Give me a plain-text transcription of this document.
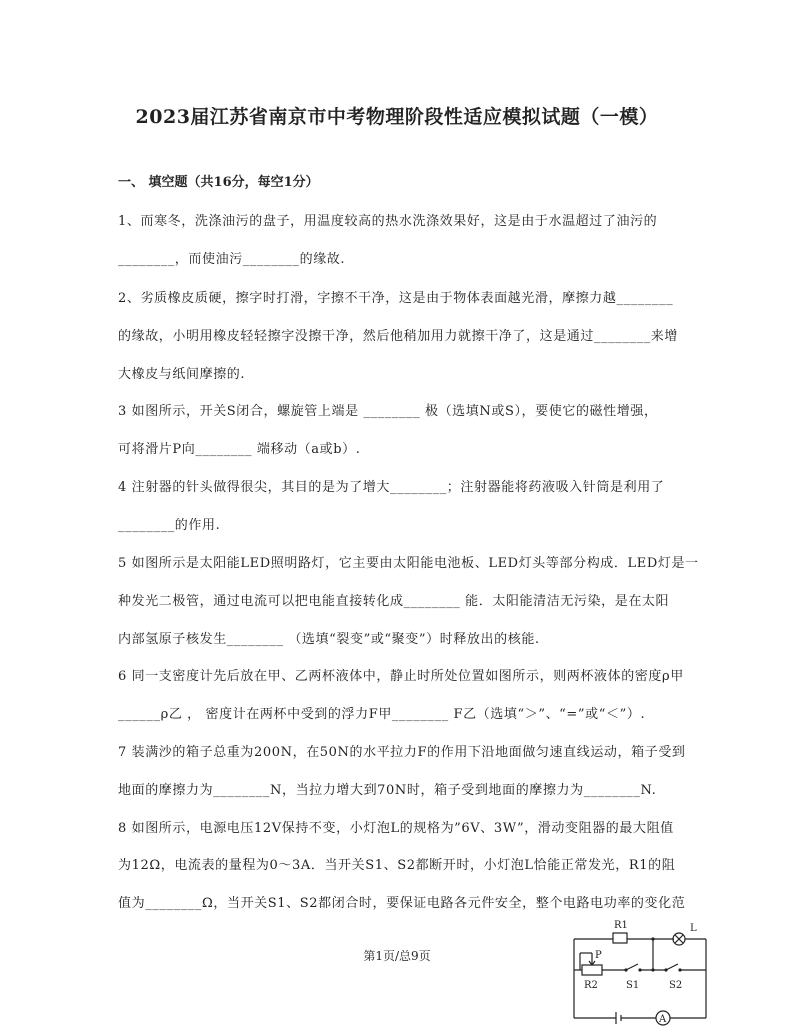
2023届江苏省南京市中考物理阶段性适应模拟试题（一模）
一、 填空题（共16分，每空1分）
1、而寒冬，洗涤油污的盘子，用温度较高的热水洗涤效果好，这是由于水温超过了油污的
________，而使油污________的缘故.
2、劣质橡皮质硬，擦字时打滑，字擦不干净，这是由于物体表面越光滑，摩擦力越________
的缘故，小明用橡皮轻轻擦字没擦干净，然后他稍加用力就擦干净了，这是通过________来增
大橡皮与纸间摩擦的.
3 如图所示，开关S闭合，螺旋管上端是 ________ 极（选填N或S），要使它的磁性增强，
可将滑片P向________ 端移动（a或b）.
4 注射器的针头做得很尖，其目的是为了增大________；注射器能将药液吸入针筒是利用了
________的作用.
5 如图所示是太阳能LED照明路灯，它主要由太阳能电池板、LED灯头等部分构成．LED灯是一
种发光二极管，通过电流可以把电能直接转化成________ 能．太阳能清洁无污染，是在太阳
内部氢原子核发生________ （选填“裂变”或“聚变”）时释放出的核能.
6 同一支密度计先后放在甲、乙两杯液体中，静止时所处位置如图所示，则两杯液体的密度ρ甲
______ρ乙 ， 密度计在两杯中受到的浮力F甲________ F乙（选填“＞”、“=”或“＜”）.
7 装满沙的箱子总重为200N，在50N的水平拉力F的作用下沿地面做匀速直线运动，箱子受到
地面的摩擦力为________N，当拉力增大到70N时，箱子受到地面的摩擦力为________N.
8 如图所示，电源电压12V保持不变，小灯泡L的规格为”6V、3W”，滑动变阻器的最大阻值
为12Ω，电流表的量程为0～3A．当开关S1、S2都断开时，小灯泡L恰能正常发光，R1的阻
值为________Ω，当开关S1、S2都闭合时，要保证电路各元件安全，整个电路电功率的变化范
第1页/总9页
R1
P
R2	S1	S2
L
A
